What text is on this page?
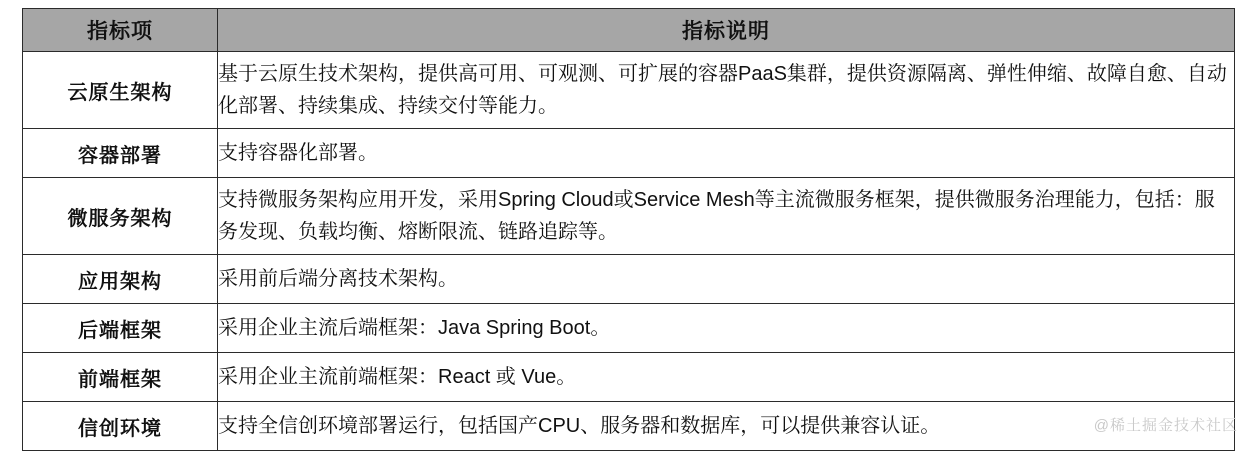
指标项	指标说明
云原生架构	基于云原生技术架构，提供高可用、可观测、可扩展的容器PaaS集群，提供资源隔离、弹性伸缩、故障自愈、自动化部署、持续集成、持续交付等能力。
容器部署	支持容器化部署。
微服务架构	支持微服务架构应用开发，采用Spring Cloud或Service Mesh等主流微服务框架，提供微服务治理能力，包括：服务发现、负载均衡、熔断限流、链路追踪等。
应用架构	采用前后端分离技术架构。
后端框架	采用企业主流后端框架：Java Spring Boot。
前端框架	采用企业主流前端框架：React 或 Vue。
信创环境	支持全信创环境部署运行，包括国产CPU、服务器和数据库，可以提供兼容认证。	@稀土掘金技术社区
